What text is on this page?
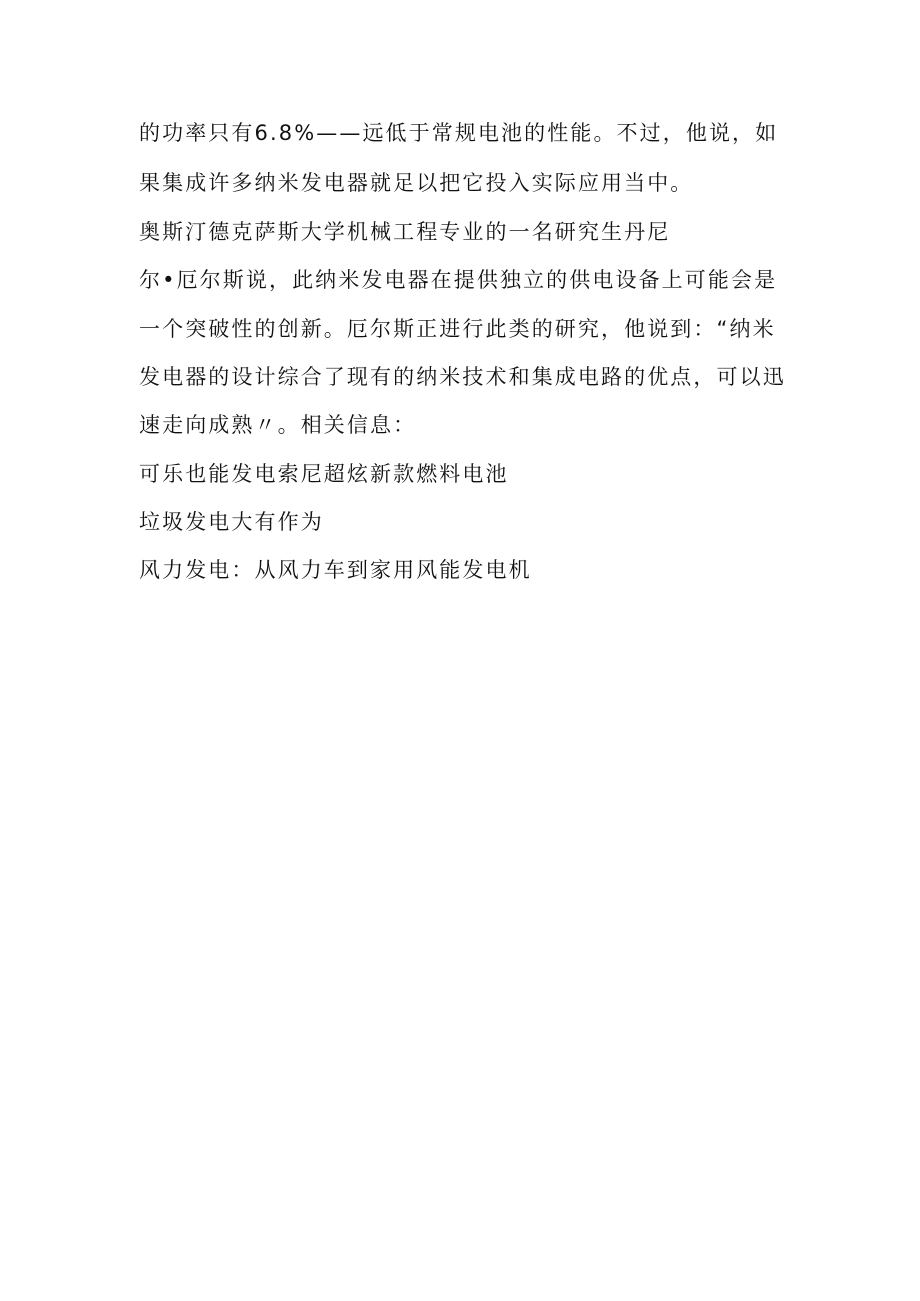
的功率只有6.8%——远低于常规电池的性能。不过，他说，如
果集成许多纳米发电器就足以把它投入实际应用当中。
奥斯汀德克萨斯大学机械工程专业的一名研究生丹尼
尔•厄尔斯说，此纳米发电器在提供独立的供电设备上可能会是
一个突破性的创新。厄尔斯正进行此类的研究，他说到：“纳米
发电器的设计综合了现有的纳米技术和集成电路的优点，可以迅
速走向成熟〃。相关信息：
可乐也能发电索尼超炫新款燃料电池
垃圾发电大有作为
风力发电：从风力车到家用风能发电机
